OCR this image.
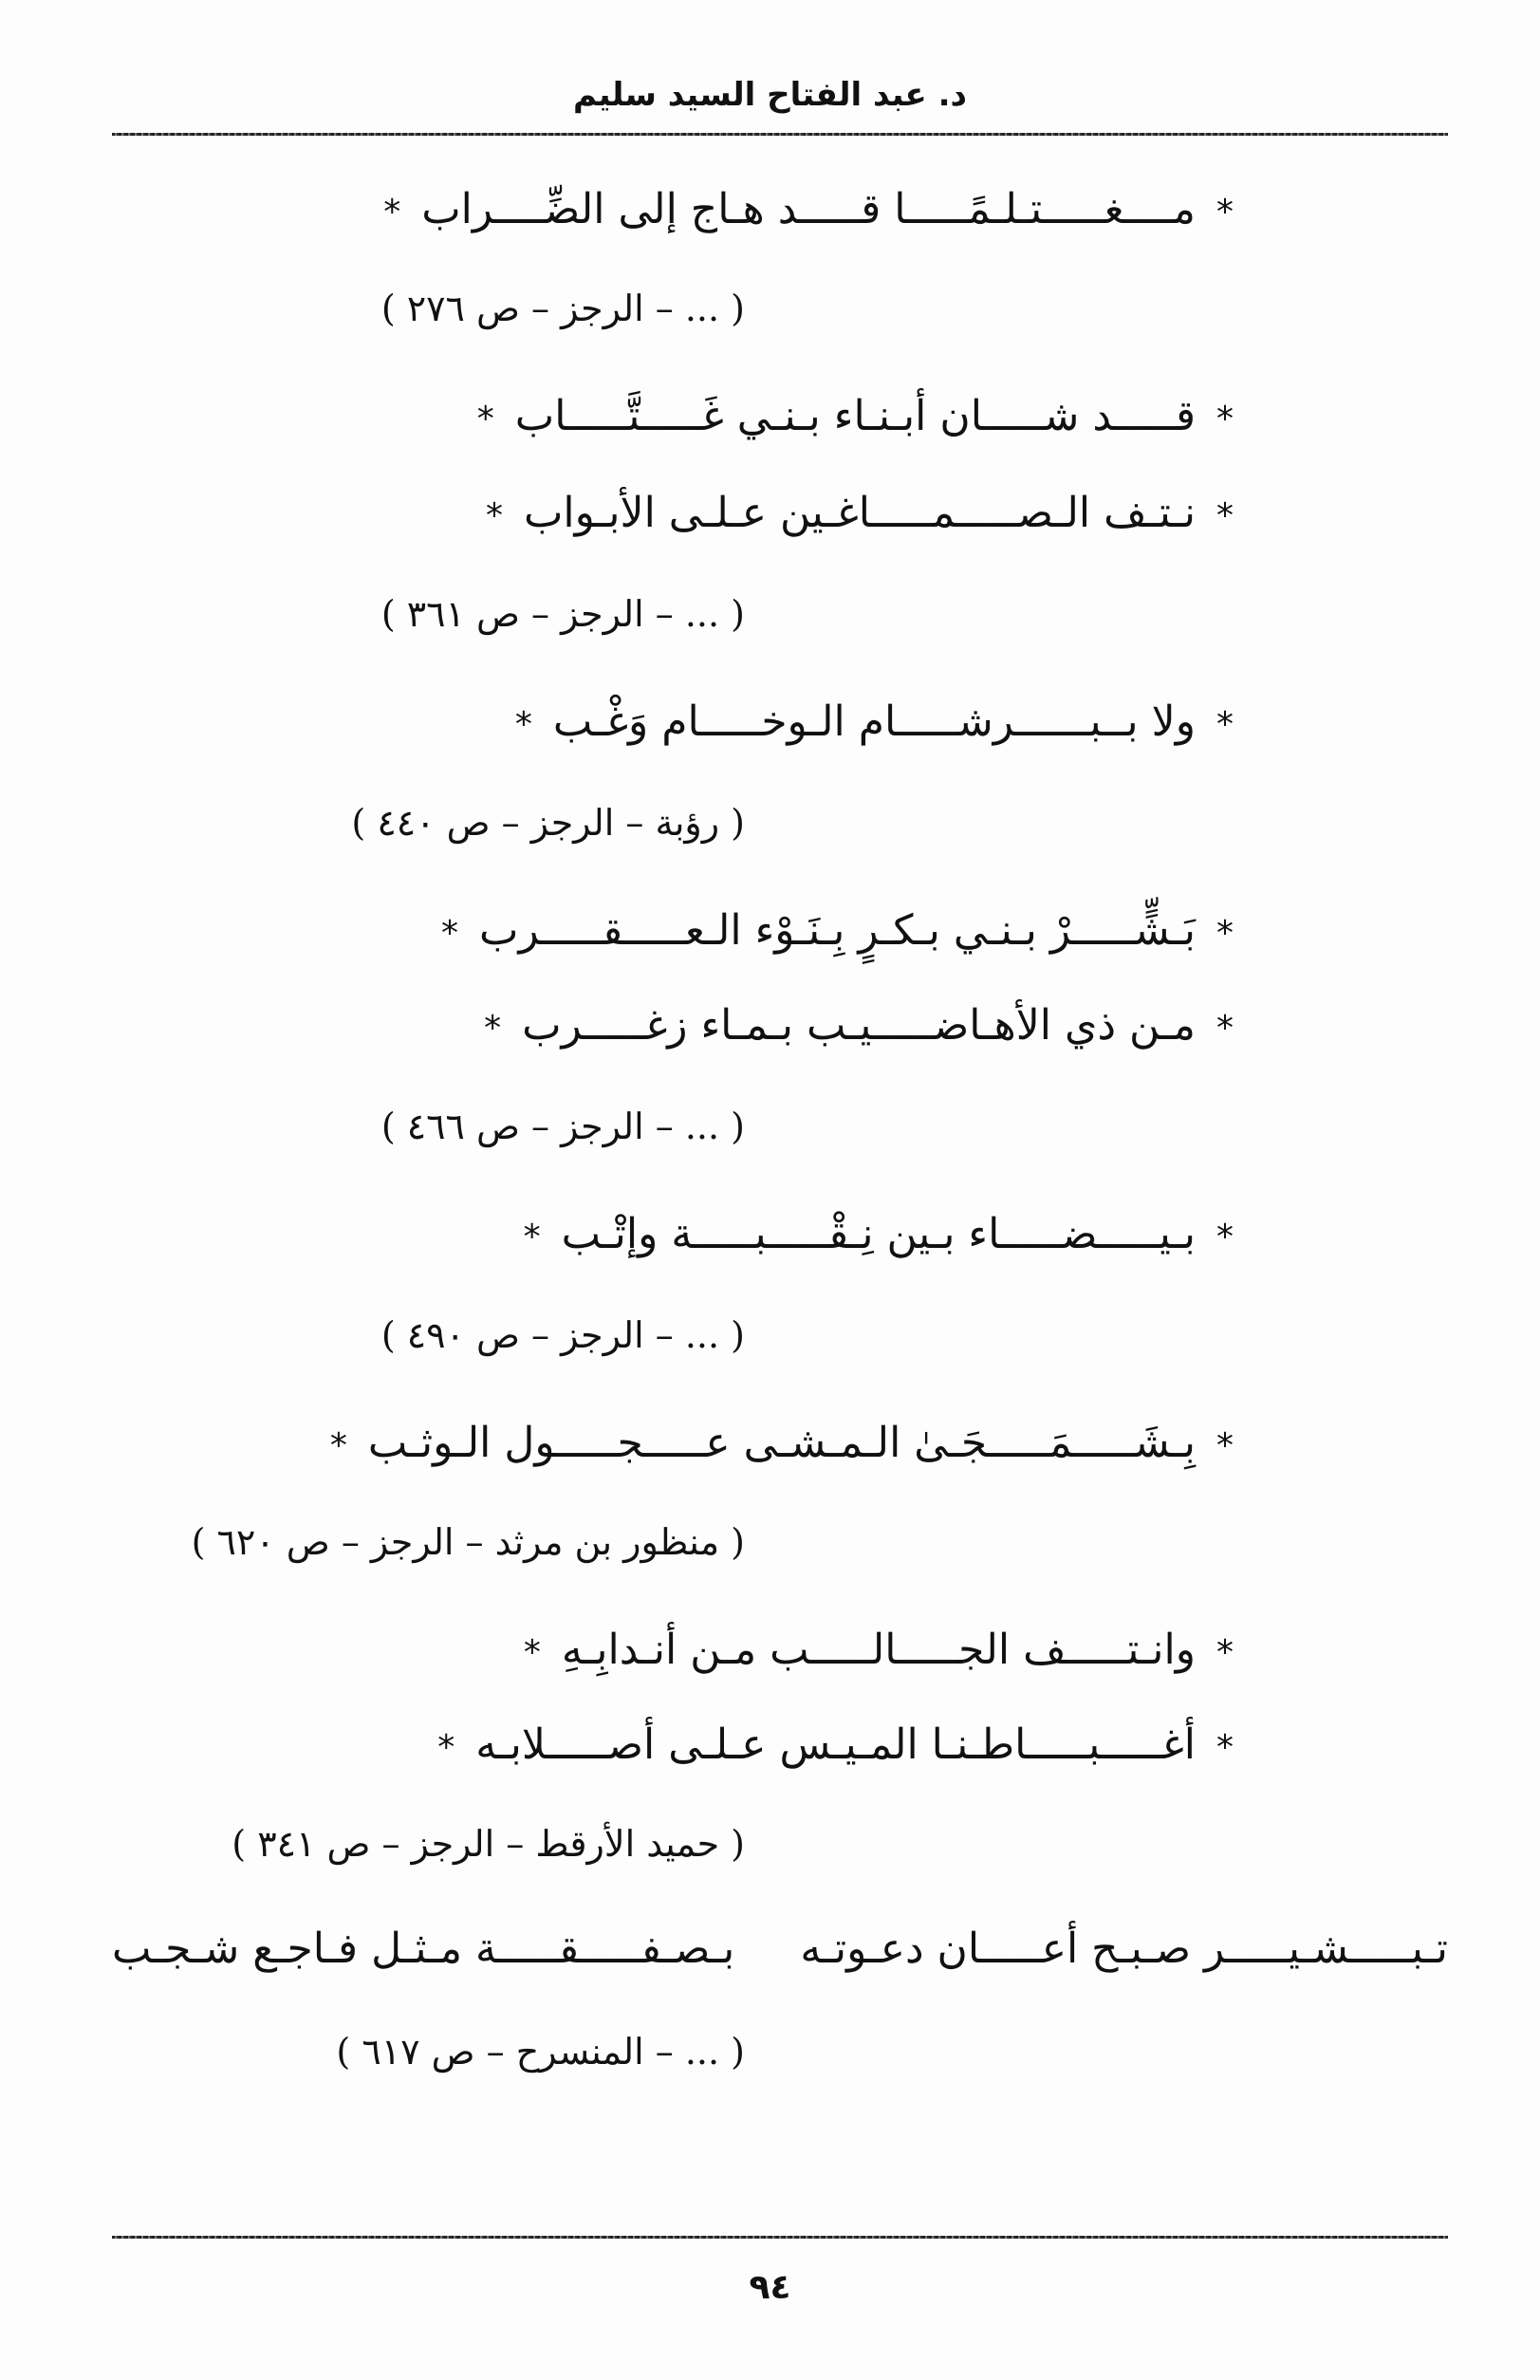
د. عبد الفتاح السيد سليم
*مــــغـــــتـلـمًـــــا قـــــد هـاج إلى الضِّــــراب*
( ... – الرجز – ص ٢٧٦ )
*قـــــد شـــــان أبـنـاء بـنـي غَـــــتَّـــــاب*
*نـتـف الـصـــــمـــــاغـين عـلـى الأبـواب*
( ... – الرجز – ص ٣٦١ )
*ولا بــبــــــرشـــــام الـوخـــــام وَغْـب*
( رؤبة – الرجز – ص ٤٤٠ )
*بَـشٍّـــــرْ بـنـي بـكـرٍ بِـنَـوْء الـعـــــقـــــرب*
*مـن ذي الأهـاضـــــيـب بـمـاء زغـــــرب*
( ... – الرجز – ص ٤٦٦ )
*بـيـــــضـــــاء بـين نِـقْـــــبـــــة وإتْـب*
( ... – الرجز – ص ٤٩٠ )
*بِـشَـــــمَـــــجَـىٰ الـمـشـى عـــــجـــــول الـوثـب*
( منظور بن مرثد – الرجز – ص ٦٢٠ )
*وانـتـــــف الجـــــالـــــب مـن أنـدابِـهِ*
*أغـــــبـــــاطـنـا المـيـس عـلـى أصـــــلابـه*
( حميد الأرقط – الرجز – ص ٣٤١ )
تـبـــــشـيـــــر صـبـح أعـــــان دعـوتـه
بـصـفـــــقـــــة مـثـل فـاجـع شـجـب
( ... – المنسرح – ص ٦١٧ )
٩٤
